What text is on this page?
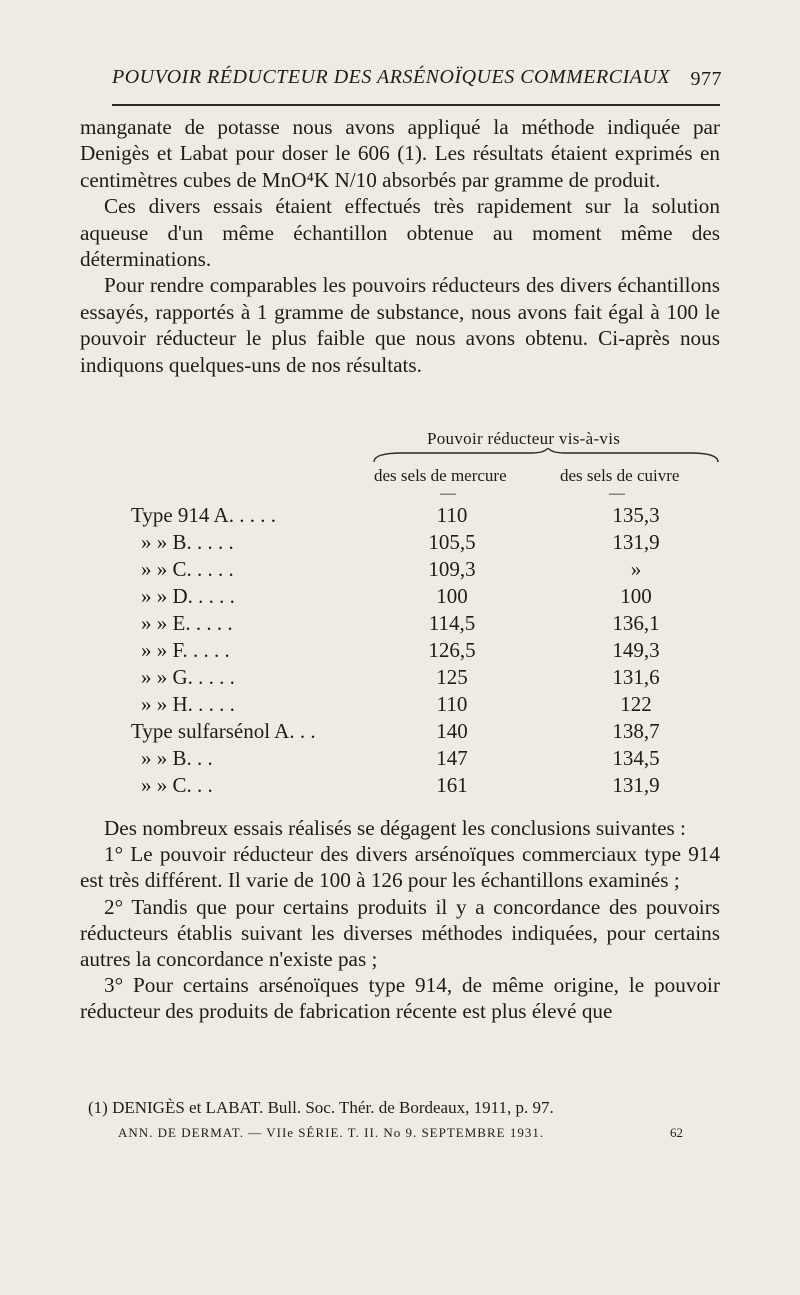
POUVOIR RÉDUCTEUR DES ARSÉNOÏQUES COMMERCIAUX 977

manganate de potasse nous avons appliqué la méthode indiquée par Denigès et Labat pour doser le 606 (1). Les résultats étaient exprimés en centimètres cubes de MnO⁴K N/10 absorbés par gramme de produit.

Ces divers essais étaient effectués très rapidement sur la solution aqueuse d'un même échantillon obtenue au moment même des déterminations.

Pour rendre comparables les pouvoirs réducteurs des divers échantillons essayés, rapportés à 1 gramme de substance, nous avons fait égal à 100 le pouvoir réducteur le plus faible que nous avons obtenu. Ci-après nous indiquons quelques-uns de nos résultats.

Pouvoir réducteur vis-à-vis
des sels de mercure	des sels de cuivre
—	—
Type 914 A. . . . .	110	135,3
» » B. . . . .	105,5	131,9
» » C. . . . .	109,3	»
» » D. . . . .	100	100
» » E. . . . .	114,5	136,1
» » F. . . . .	126,5	149,3
» » G. . . . .	125	131,6
» » H. . . . .	110	122
Type sulfarsénol A. . .	140	138,7
» » B. . .	147	134,5
» » C. . .	161	131,9

Des nombreux essais réalisés se dégagent les conclusions suivantes :

1° Le pouvoir réducteur des divers arsénoïques commerciaux type 914 est très différent. Il varie de 100 à 126 pour les échantillons examinés ;

2° Tandis que pour certains produits il y a concordance des pouvoirs réducteurs établis suivant les diverses méthodes indiquées, pour certains autres la concordance n'existe pas ;

3° Pour certains arsénoïques type 914, de même origine, le pouvoir réducteur des produits de fabrication récente est plus élevé que

(1) DENIGÈS et LABAT. Bull. Soc. Thér. de Bordeaux, 1911, p. 97.
ANN. DE DERMAT. — VIIe SÉRIE. T. II. No 9. SEPTEMBRE 1931.	62
